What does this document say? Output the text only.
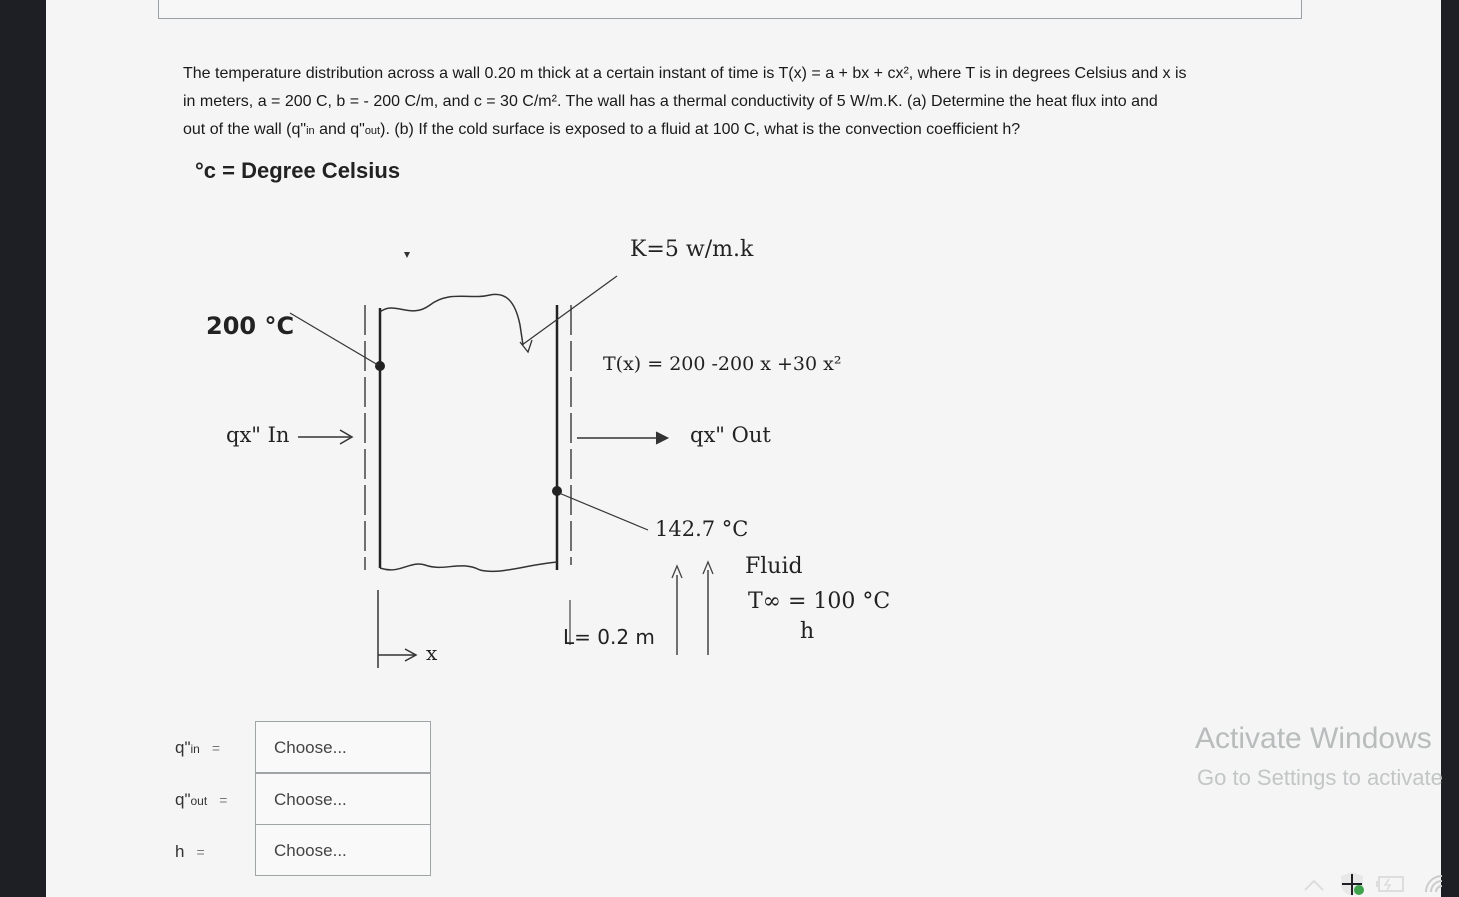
The temperature distribution across a wall 0.20 m thick at a certain instant of time is T(x) = a + bx + cx², where T is in degrees Celsius and x is
in meters, a = 200 C, b = - 200 C/m, and c = 30 C/m². The wall has a thermal conductivity of 5 W/m.K. (a) Determine the heat flux into and
out of the wall (q"in and q"out). (b) If the cold surface is exposed to a fluid at 100 C, what is the convection coefficient h?
°c = Degree Celsius
K=5 w/m.k
200 °C
T(x) = 200 -200 x +30 x²
qx" In	qx" Out
142.7 °C
Fluid
T∞ = 100 °C
h
L= 0.2 m
x
q"in =	Choose...
q"out =	Choose...
h =	Choose...
Activate Windows
Go to Settings to activate
